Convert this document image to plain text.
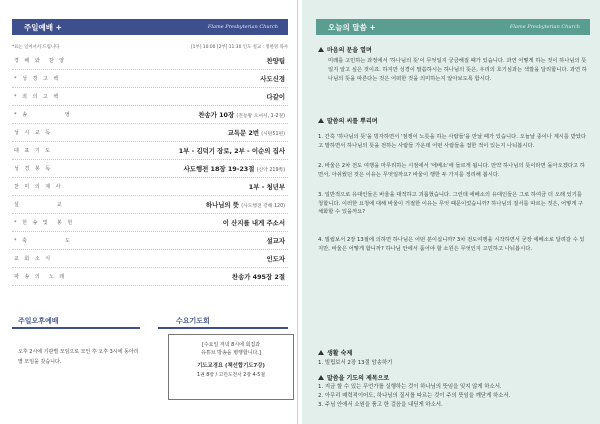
주일예배 +	Flame Presbyterian Church
*표는 일어서서 드립니다	[1부] 10:00 [2부] 11:30 인도 설교 : 정한영 목사
경 배 와  찬 양	찬양팀
* 성 경 고 백	사도신경
* 죄 의 고 백	다같이
* 송          영	찬송가 10장 (전능왕 오셔서, 1-2절)
성 시 교 독	교독문 2번 (시편51편)
대 표 기 도	1부 - 김덕기 장로, 2부 - 이순의 집사
성 경 봉 독	사도행전 18장 19-23절 (신약 219쪽)
찬 미 의 제 사	1부 - 청년부
설          교	하나님의 뜻 (사도행전 강해 120)
* 헌 송 및  봉 헌	이 산지를 내게 주소서
* 축          도	설교자
교 회 소 식	인도자
파 송 의  노 래	찬송가 495장 2절
주일오후예배
오후 2시에 기관별 모임으로 모인 후 오후 3시에 동아리별 모임을 갖습니다.
수요기도회
[수요일 저녁 8시에 회집과
유튜브 방송을 병행합니다.]
기도교경요 (책선합기도7강)
1권 8장 / 고린도전서 2장 4-5절
오늘의 말씀 +	Flame Presbyterian Church
마음의 문을 열며
미래를 고민하는 과정에서 '하나님의 뜻'이 무엇일지 궁금해질 때가 있습니다. 과연 어떻게 하는 것이 하나님의 뜻일지 알고 싶은 것이죠. 하지만 성경이 말씀하시는 하나님의 뜻은, 우리의 호기심과는 색깔을 달리합니다. 과연 하나님의 뜻을 따른다는 것은 어떠한 것을 의미하는지 알아보도록 합시다.
말씀의 씨를 뿌리며
1. 간혹 '하나님의 뜻'을 빙자하면서 '점쟁이 노릇을 하는 사람들'을 만날 때가 있습니다. 오늘날 종이나 계시를 받았다고 말하면서 하나님의 뜻을 전하는 사람들 가운데 어떤 사람들을 접한 적이 있는지 나눠봅시다.
2. 바울은 2차 전도 여행을 마무리하는 시점에서 '에베소'에 들르게 됩니다. 만약 하나님의 뜻이라면 돌아오겠다고 하면서, 아쉬웠던 것은 이유는 무엇일까요? 바울이 행한 두 가지를 정리해 봅시다.
3. 일반적으로 유대인들은 바울을 대적하고 괴롭혔습니다. 그런데 에베소의 유대인들은 그로 하여금 더 오래 있기를 청합니다. 이러한 요청에 대해 바울이 거절한 이유는 무엇 때문이었습니까? 하나님의 질서를 따르는 것은, 어떻게 구체화할 수 있을까요?
4. 빌립보서 2장 13절에 의하면 하나님은 어떤 분이십니까? 3차 전도여행을 시작하면서 굳장 에베소로 달려갈 수 있지만, 바울은 어떻게 합니까? 하나님 안에서 품어야 할 소원은 무엇인지 고민하고 나눠봅시다.
생활 숙제
1. 빌립보서 2장 13절 암송하기
말씀을 기도의 제목으로
1. 지금 할 수 있는 무언가를 실행하는 것이 하나님의 뜻임을 잊지 않게 하소서.
2. 아무리 매력적이어도, 하나님의 질서를 따르는 것이 주의 뜻임을 깨닫게 하소서.
3. 주님 안에서 소원을 품고 한 걸음을 내딛게 하소서.
